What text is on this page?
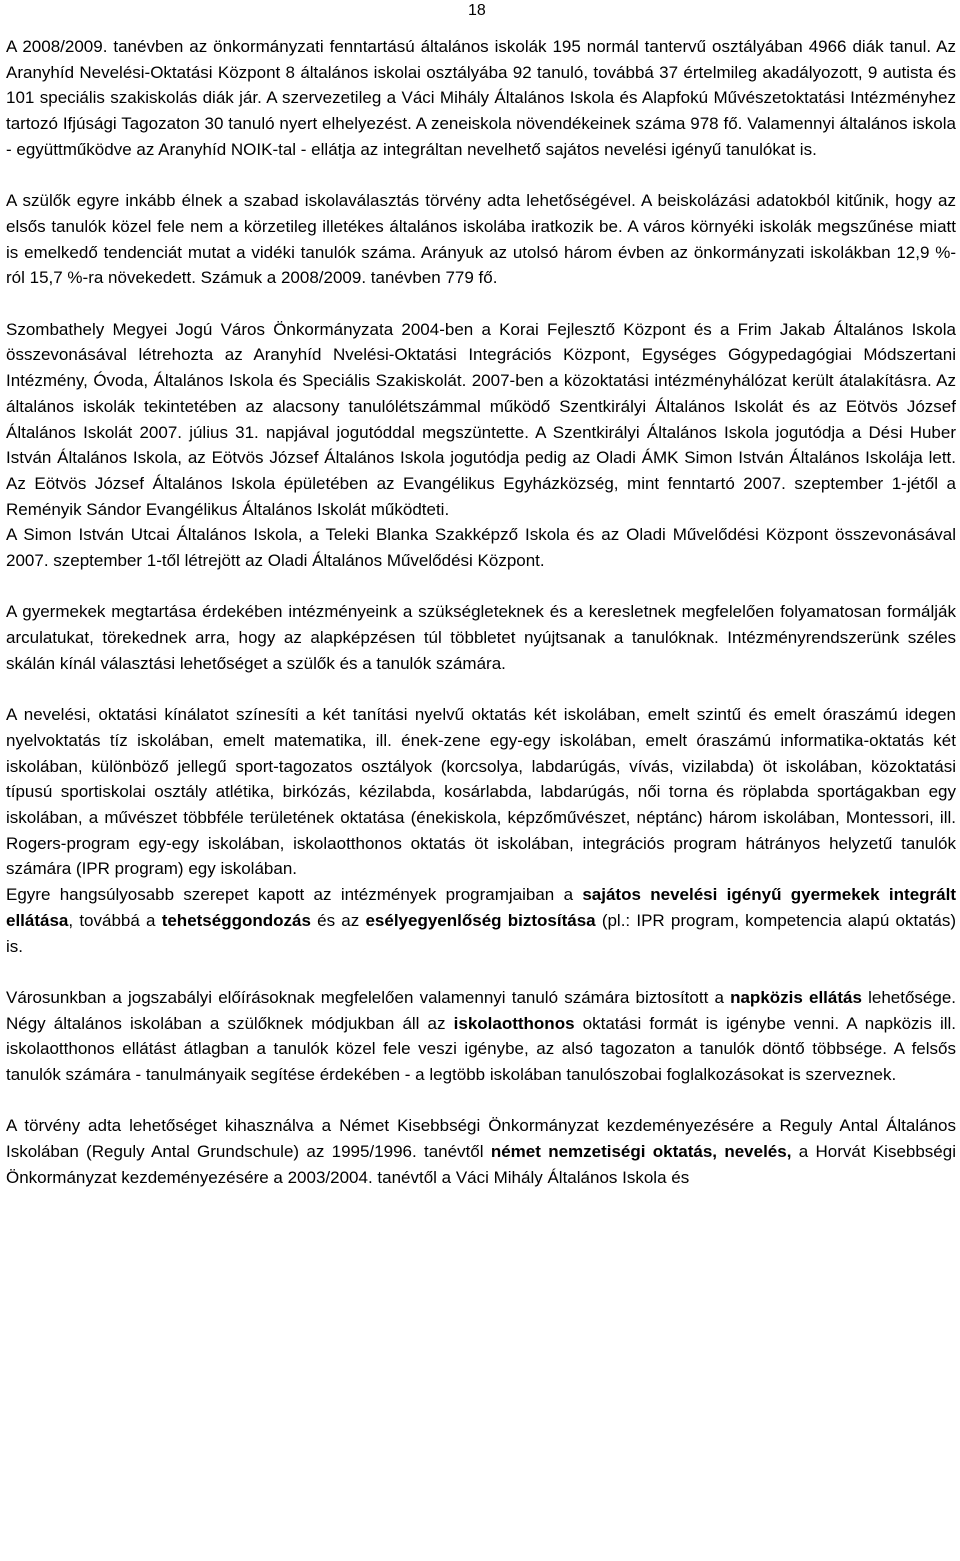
18

A 2008/2009. tanévben az önkormányzati fenntartású általános iskolák 195 normál tantervű osztályában 4966 diák tanul. Az Aranyhíd Nevelési-Oktatási Központ 8 általános iskolai osztályába 92 tanuló, továbbá 37 értelmileg akadályozott, 9 autista és 101 speciális szakiskolás diák jár. A szervezetileg a Váci Mihály Általános Iskola és Alapfokú Művészetoktatási Intézményhez tartozó Ifjúsági Tagozaton 30 tanuló nyert elhelyezést. A zeneiskola növendékeinek száma 978 fő. Valamennyi általános iskola - együttműködve az Aranyhíd NOIK-tal - ellátja az integráltan nevelhető sajátos nevelési igényű tanulókat is.

A szülők egyre inkább élnek a szabad iskolaválasztás törvény adta lehetőségével. A beiskolázási adatokból kitűnik, hogy az elsős tanulók közel fele nem a körzetileg illetékes általános iskolába iratkozik be. A város környéki iskolák megszűnése miatt is emelkedő tendenciát mutat a vidéki tanulók száma. Arányuk az utolsó három évben az önkormányzati iskolákban 12,9 %-ról 15,7 %-ra növekedett. Számuk a 2008/2009. tanévben 779 fő.

Szombathely Megyei Jogú Város Önkormányzata 2004-ben a Korai Fejlesztő Központ és a Frim Jakab Általános Iskola összevonásával létrehozta az Aranyhíd Nvelési-Oktatási Integrációs Központ, Egységes Gógypedagógiai Módszertani Intézmény, Óvoda, Általános Iskola és Speciális Szakiskolát. 2007-ben a közoktatási intézményhálózat került átalakításra. Az általános iskolák tekintetében az alacsony tanulólétszámmal működő Szentkirályi Általános Iskolát és az Eötvös József Általános Iskolát 2007. július 31. napjával jogutóddal megszüntette. A Szentkirályi Általános Iskola jogutódja a Dési Huber István Általános Iskola, az Eötvös József Általános Iskola jogutódja pedig az Oladi ÁMK Simon István Általános Iskolája lett. Az Eötvös József Általános Iskola épületében az Evangélikus Egyházközség, mint fenntartó 2007. szeptember 1-jétől a Reményik Sándor Evangélikus Általános Iskolát működteti.

A Simon István Utcai Általános Iskola, a Teleki Blanka Szakképző Iskola és az Oladi Művelődési Központ összevonásával 2007. szeptember 1-től létrejött az Oladi Általános Művelődési Központ.

A gyermekek megtartása érdekében intézményeink a szükségleteknek és a keresletnek megfelelően folyamatosan formálják arculatukat, törekednek arra, hogy az alapképzésen túl többletet nyújtsanak a tanulóknak. Intézményrendszerünk széles skálán kínál választási lehetőséget a szülők és a tanulók számára.

A nevelési, oktatási kínálatot színesíti a két tanítási nyelvű oktatás két iskolában, emelt szintű és emelt óraszámú idegen nyelvoktatás tíz iskolában, emelt matematika, ill. ének-zene egy-egy iskolában, emelt óraszámú informatika-oktatás két iskolában, különböző jellegű sport-tagozatos osztályok (korcsolya, labdarúgás, vívás, vizilabda) öt iskolában, közoktatási típusú sportiskolai osztály atlétika, birkózás, kézilabda, kosárlabda, labdarúgás, női torna és röplabda sportágakban egy iskolában, a művészet többféle területének oktatása (énekiskola, képzőművészet, néptánc) három iskolában, Montessori, ill. Rogers-program egy-egy iskolában, iskolaotthonos oktatás öt iskolában, integrációs program hátrányos helyzetű tanulók számára (IPR program) egy iskolában.

Egyre hangsúlyosabb szerepet kapott az intézmények programjaiban a sajátos nevelési igényű gyermekek integrált ellátása, továbbá a tehetséggondozás és az esélyegyenlőség biztosítása (pl.: IPR program, kompetencia alapú oktatás) is.

Városunkban a jogszabályi előírásoknak megfelelően valamennyi tanuló számára biztosított a napközis ellátás lehetősége. Négy általános iskolában a szülőknek módjukban áll az iskolaotthonos oktatási formát is igénybe venni. A napközis ill. iskolaotthonos ellátást átlagban a tanulók közel fele veszi igénybe, az alsó tagozaton a tanulók döntő többsége. A felsős tanulók számára - tanulmányaik segítése érdekében - a legtöbb iskolában tanulószobai foglalkozásokat is szerveznek.

A törvény adta lehetőséget kihasználva a Német Kisebbségi Önkormányzat kezdeményezésére a Reguly Antal Általános Iskolában (Reguly Antal Grundschule) az 1995/1996. tanévtől német nemzetiségi oktatás, nevelés, a Horvát Kisebbségi Önkormányzat kezdeményezésére a 2003/2004. tanévtől a Váci Mihály Általános Iskola és
